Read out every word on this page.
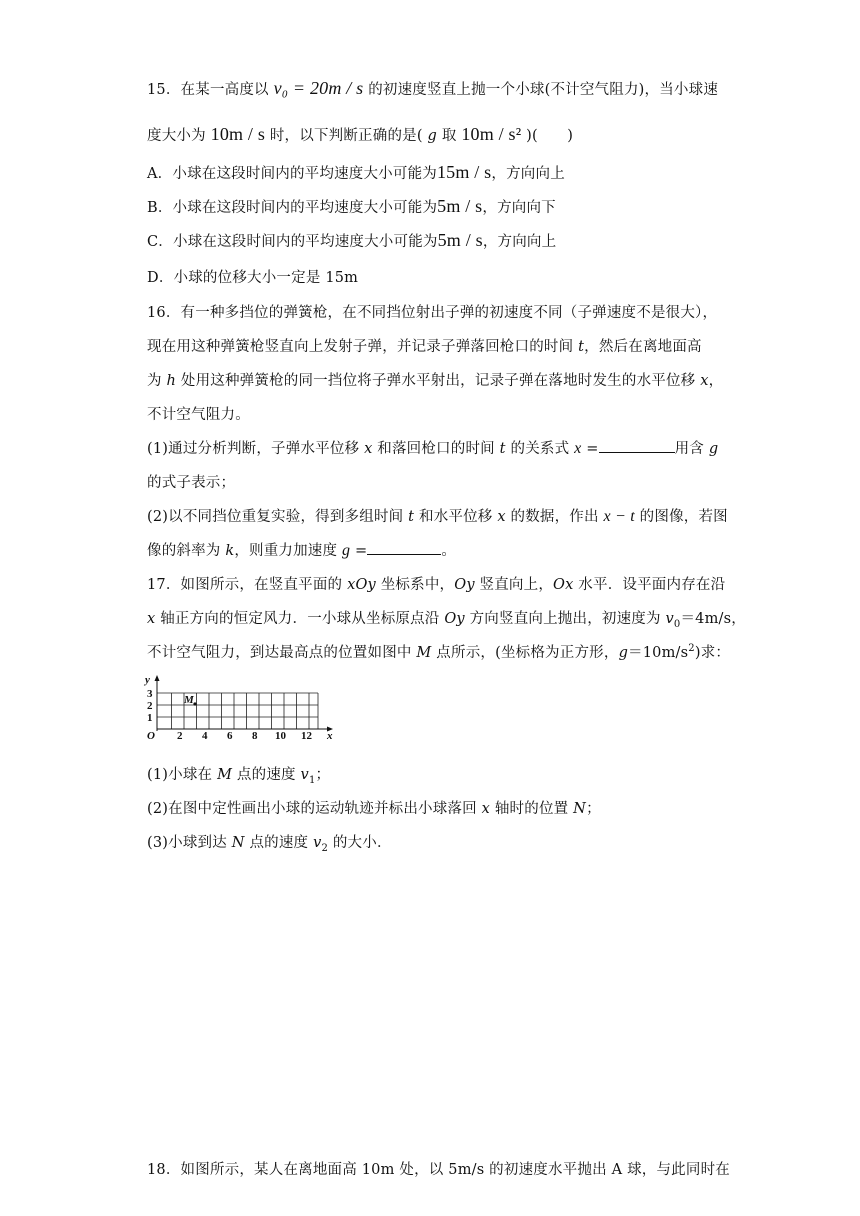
15．在某一高度以 v₀ = 20m / s 的初速度竖直上抛一个小球(不计空气阻力)，当小球速
度大小为 10m / s 时，以下判断正确的是( g 取 10m / s² )(　　)
A．小球在这段时间内的平均速度大小可能为15m / s，方向向上
B．小球在这段时间内的平均速度大小可能为5m / s，方向向下
C．小球在这段时间内的平均速度大小可能为5m / s，方向向上
D．小球的位移大小一定是 15m
16．有一种多挡位的弹簧枪，在不同挡位射出子弹的初速度不同（子弹速度不是很大），
现在用这种弹簧枪竖直向上发射子弹，并记录子弹落回枪口的时间 t，然后在离地面高
为 h 处用这种弹簧枪的同一挡位将子弹水平射出，记录子弹在落地时发生的水平位移 x，
不计空气阻力。
(1)通过分析判断，子弹水平位移 x 和落回枪口的时间 t 的关系式 x =	用含 g
的式子表示；
(2)以不同挡位重复实验，得到多组时间 t 和水平位移 x 的数据，作出 x − t 的图像，若图
像的斜率为 k，则重力加速度 g =	。
17．如图所示，在竖直平面的 xOy 坐标系中，Oy 竖直向上，Ox 水平．设平面内存在沿
x 轴正方向的恒定风力．一小球从坐标原点沿 Oy 方向竖直向上抛出，初速度为 $v_0=4m/s$，
不计空气阻力，到达最高点的位置如图中 M 点所示，(坐标格为正方形，$g=10m/s^2$)求：
y
x
O
3
2
1
2 4 6 8 10 12
M
(1)小球在 M 点的速度 $v_1$；
(2)在图中定性画出小球的运动轨迹并标出小球落回 x 轴时的位置 N；
(3)小球到达 N 点的速度 $v_2$ 的大小．
18．如图所示，某人在离地面高 10m 处，以 5m/s 的初速度水平抛出 A 球，与此同时在
